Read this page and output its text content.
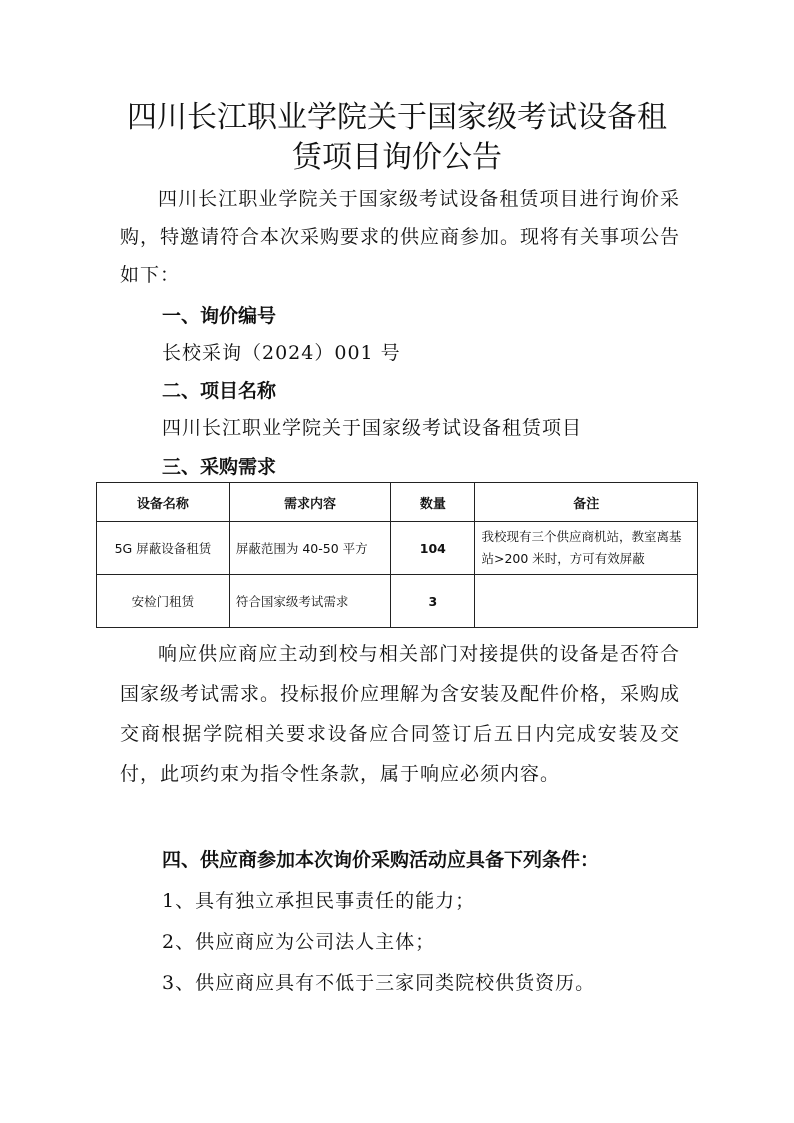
四川长江职业学院关于国家级考试设备租
赁项目询价公告

四川长江职业学院关于国家级考试设备租赁项目进行询价采购，特邀请符合本次采购要求的供应商参加。现将有关事项公告如下：

一、询价编号

长校采询（2024）001 号

二、项目名称

四川长江职业学院关于国家级考试设备租赁项目

三、采购需求

设备名称	需求内容	数量	备注
5G 屏蔽设备租赁	屏蔽范围为 40-50 平方	104	我校现有三个供应商机站，教室离基站>200 米时，方可有效屏蔽
安检门租赁	符合国家级考试需求	3	

响应供应商应主动到校与相关部门对接提供的设备是否符合国家级考试需求。投标报价应理解为含安装及配件价格，采购成交商根据学院相关要求设备应合同签订后五日内完成安装及交付，此项约束为指令性条款，属于响应必须内容。

四、供应商参加本次询价采购活动应具备下列条件：

1、具有独立承担民事责任的能力；

2、供应商应为公司法人主体；

3、供应商应具有不低于三家同类院校供货资历。
